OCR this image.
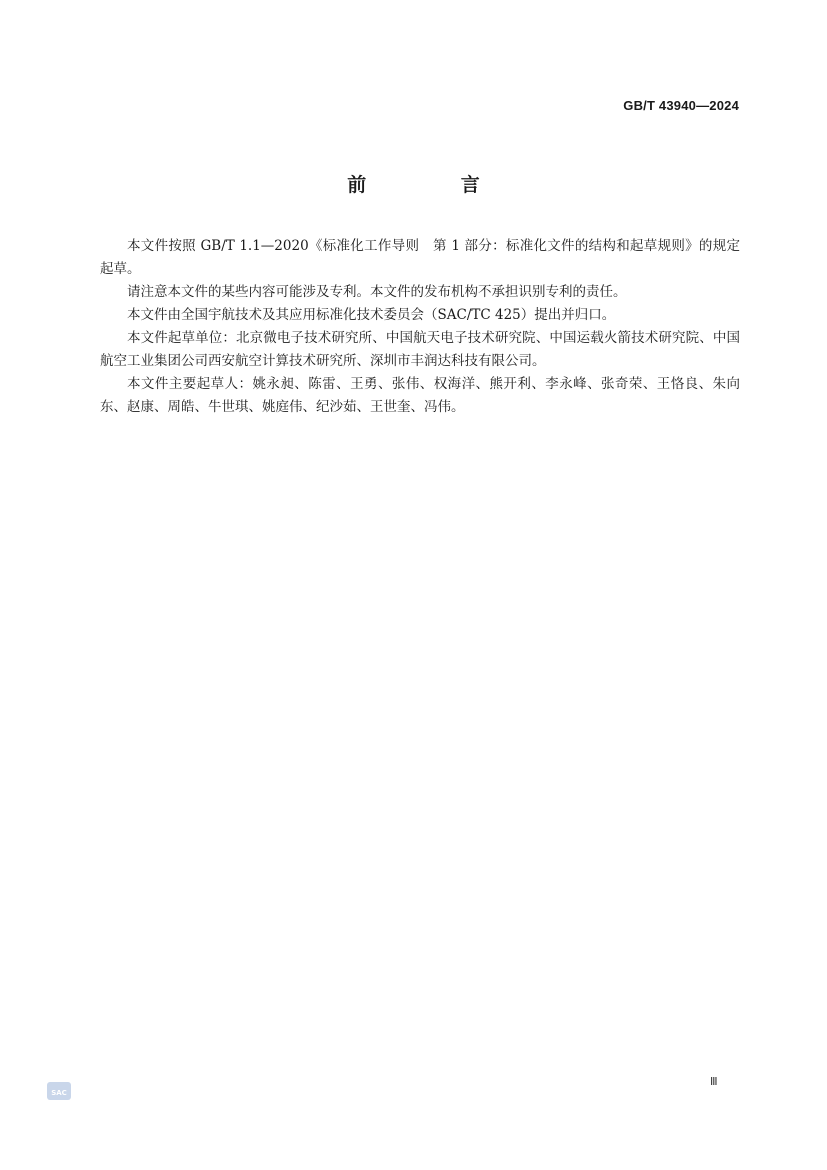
GB/T 43940—2024
前 言

本文件按照 GB/T 1.1—2020《标准化工作导则　第 1 部分：标准化文件的结构和起草规则》的规定起草。

请注意本文件的某些内容可能涉及专利。本文件的发布机构不承担识别专利的责任。

本文件由全国宇航技术及其应用标准化技术委员会（SAC/TC 425）提出并归口。

本文件起草单位：北京微电子技术研究所、中国航天电子技术研究院、中国运载火箭技术研究院、中国航空工业集团公司西安航空计算技术研究所、深圳市丰润达科技有限公司。

本文件主要起草人：姚永昶、陈雷、王勇、张伟、权海洋、熊开利、李永峰、张奇荣、王恪良、朱向东、赵康、周皓、牛世琪、姚庭伟、纪沙茹、王世奎、冯伟。

SAC
Ⅲ
